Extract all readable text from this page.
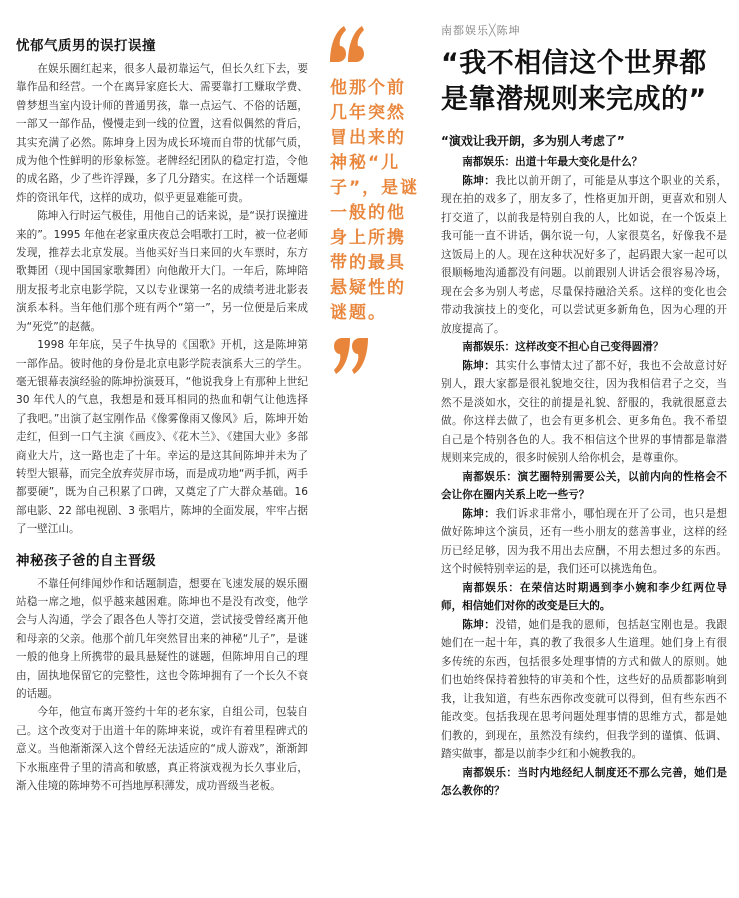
忧郁气质男的误打误撞

在娱乐圈红起来，很多人最初靠运气，但长久红下去，要靠作品和经营。一个在离异家庭长大、需要靠打工赚取学费、曾梦想当室内设计师的普通男孩，靠一点运气、不俗的话题，一部又一部作品，慢慢走到一线的位置，这看似偶然的背后，其实充满了必然。陈坤身上因为成长环境而自带的忧郁气质，成为他个性鲜明的形象标签。老牌经纪团队的稳定打造，令他的成名路，少了些许浮躁，多了几分踏实。在这样一个话题爆炸的资讯年代，这样的成功，似乎更显难能可贵。

陈坤入行时运气极佳，用他自己的话来说，是“误打误撞进来的”。1995 年他在老家重庆夜总会唱歌打工时，被一位老师发现，推荐去北京发展。当他买好当日来回的火车票时，东方歌舞团（现中国国家歌舞团）向他敞开大门。一年后，陈坤陪朋友报考北京电影学院，又以专业课第一名的成绩考进北影表演系本科。当年他们那个班有两个“第一”，另一位便是后来成为“死党”的赵薇。

1998 年年底，吴子牛执导的《国歌》开机，这是陈坤第一部作品。彼时他的身份是北京电影学院表演系大三的学生。毫无银幕表演经验的陈坤扮演聂耳，“他说我身上有那种上世纪 30 年代人的气息，我想是和聂耳相同的热血和朝气让他选择了我吧。”出演了赵宝刚作品《像雾像雨又像风》后，陈坤开始走红，但到一口气主演《画皮》、《花木兰》、《建国大业》多部商业大片，这一路也走了十年。幸运的是这其间陈坤并未为了转型大银幕，而完全放弃荧屏市场，而是成功地“两手抓，两手都要硬”，既为自己积累了口碑，又奠定了广大群众基础。16 部电影、22 部电视剧、3 张唱片，陈坤的全面发展，牢牢占据了一壁江山。

神秘孩子爸的自主晋级

不靠任何绯闻炒作和话题制造，想要在飞速发展的娱乐圈站稳一席之地，似乎越来越困难。陈坤也不是没有改变，他学会与人沟通，学会了跟各色人等打交道，尝试接受曾经离开他和母亲的父亲。他那个前几年突然冒出来的神秘“儿子”，是谜一般的他身上所携带的最具悬疑性的谜题，但陈坤用自己的理由，固执地保留它的完整性，这也令陈坤拥有了一个长久不衰的话题。

今年，他宣布离开签约十年的老东家，自组公司，包装自己。这个改变对于出道十年的陈坤来说，或许有着里程碑式的意义。当他渐渐深入这个曾经无法适应的“成人游戏”，渐渐卸下水瓶座骨子里的清高和敏感，真正将演戏视为长久事业后，渐入佳境的陈坤势不可挡地厚积薄发，成功晋级当老板。

他那个前几年突然冒出来的神秘“儿子”，是谜一般的他身上所携带的最具悬疑性的谜题。
南都娱乐╳陈坤
“我不相信这个世界都是靠潜规则来完成的”
“演戏让我开朗，多为别人考虑了”

南都娱乐：出道十年最大变化是什么？

陈坤：我比以前开朗了，可能是从事这个职业的关系，现在拍的戏多了，朋友多了，性格更加开朗，更喜欢和别人打交道了，以前我是特别自我的人，比如说，在一个饭桌上我可能一直不讲话，偶尔说一句，人家很莫名，好像我不是这饭局上的人。现在这种状况好多了，起码跟大家一起可以很顺畅地沟通都没有问题。以前跟别人讲话会很容易冷场，现在会多为别人考虑，尽量保持融洽关系。这样的变化也会带动我演技上的变化，可以尝试更多新角色，因为心理的开放度提高了。

南都娱乐：这样改变不担心自己变得圆滑？

陈坤：其实什么事情太过了都不好，我也不会故意讨好别人，跟大家都是很礼貌地交往，因为我相信君子之交，当然不是淡如水，交往的前提是礼貌、舒服的，我就很愿意去做。你这样去做了，也会有更多机会、更多角色。我不希望自己是个特别各色的人。我不相信这个世界的事情都是靠潜规则来完成的，很多时候别人给你机会，是尊重你。

南都娱乐：演艺圈特别需要公关，以前内向的性格会不会让你在圈内关系上吃一些亏？

陈坤：我们诉求非常小，哪怕现在开了公司，也只是想做好陈坤这个演员，还有一些小朋友的慈善事业，这样的经历已经足够，因为我不用出去应酬，不用去想过多的东西。这个时候特别幸运的是，我们还可以挑选角色。

南都娱乐：在荣信达时期遇到李小婉和李少红两位导师，相信她们对你的改变是巨大的。

陈坤：没错，她们是我的恩师，包括赵宝刚也是。我跟她们在一起十年，真的教了我很多人生道理。她们身上有很多传统的东西，包括很多处理事情的方式和做人的原则。她们也始终保持着独特的审美和个性，这些好的品质都影响到我，让我知道，有些东西你改变就可以得到，但有些东西不能改变。包括我现在思考问题处理事情的思维方式，都是她们教的，到现在，虽然没有续约，但我学到的谨慎、低调、踏实做事，都是以前李少红和小婉教我的。

南都娱乐：当时内地经纪人制度还不那么完善，她们是怎么教你的？
